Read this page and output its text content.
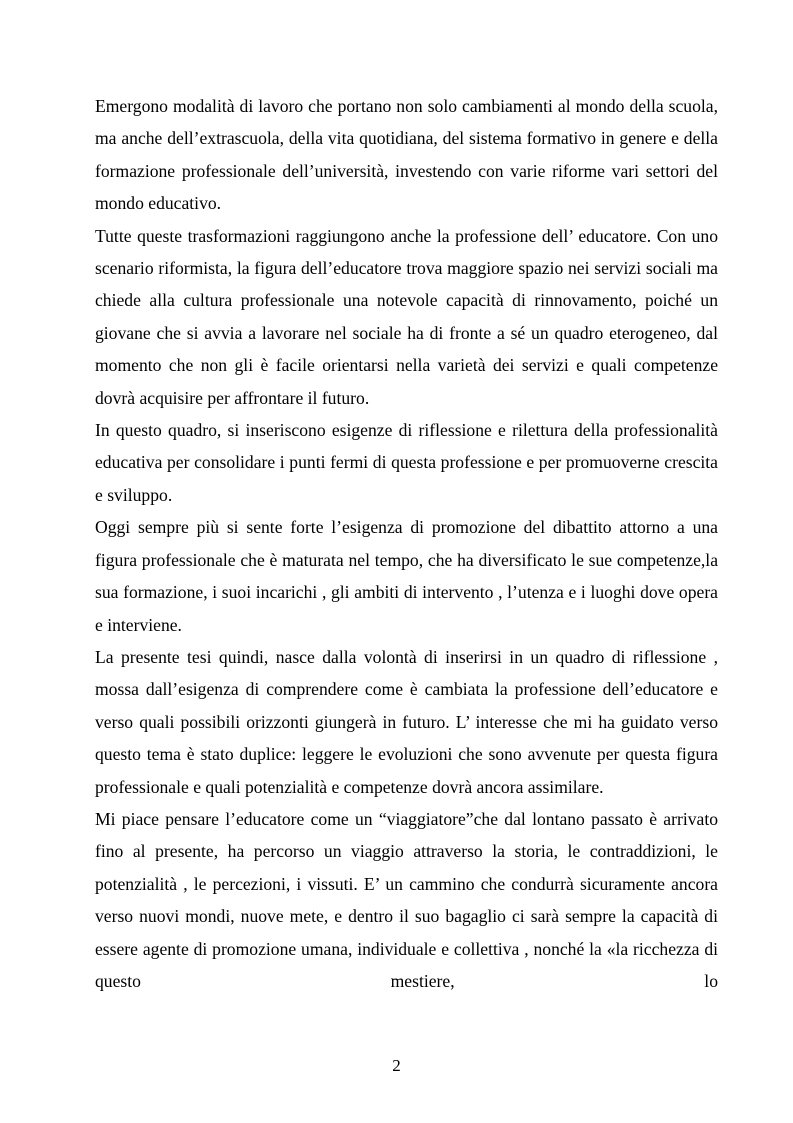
Emergono modalità di lavoro che portano non solo cambiamenti al mondo della scuola, ma anche dell’extrascuola, della vita quotidiana, del sistema formativo in genere e della formazione professionale dell’università, investendo con varie riforme vari settori del mondo educativo.

Tutte queste trasformazioni raggiungono anche la professione dell’ educatore. Con uno scenario riformista, la figura dell’educatore trova maggiore spazio nei servizi sociali ma chiede alla cultura professionale una notevole capacità di rinnovamento, poiché un giovane che si avvia a lavorare nel sociale ha di fronte a sé un quadro eterogeneo, dal momento che non gli è facile orientarsi nella varietà dei servizi e quali competenze dovrà acquisire per affrontare il futuro.

In questo quadro, si inseriscono esigenze di riflessione e rilettura della professionalità educativa per consolidare i punti fermi di questa professione e per promuoverne crescita e sviluppo.

Oggi sempre più si sente forte l’esigenza di promozione del dibattito attorno a una figura professionale che è maturata nel tempo, che ha diversificato le sue competenze,la sua formazione, i suoi incarichi , gli ambiti di intervento , l’utenza e i luoghi dove opera e interviene.

La presente tesi quindi, nasce dalla volontà di inserirsi in un quadro di riflessione , mossa dall’esigenza di comprendere come è cambiata la professione dell’educatore e verso quali possibili orizzonti giungerà in futuro. L’ interesse che mi ha guidato verso questo tema è stato duplice: leggere le evoluzioni che sono avvenute per questa figura professionale e quali potenzialità e competenze dovrà ancora assimilare.

Mi piace pensare l’educatore come un “viaggiatore”che dal lontano passato è arrivato fino al presente, ha percorso un viaggio attraverso la storia, le contraddizioni, le potenzialità , le percezioni, i vissuti. E’ un cammino che condurrà sicuramente ancora verso nuovi mondi, nuove mete, e dentro il suo bagaglio ci sarà sempre la capacità di essere agente di promozione umana, individuale e collettiva , nonché la «la ricchezza di questo mestiere, lo

2
